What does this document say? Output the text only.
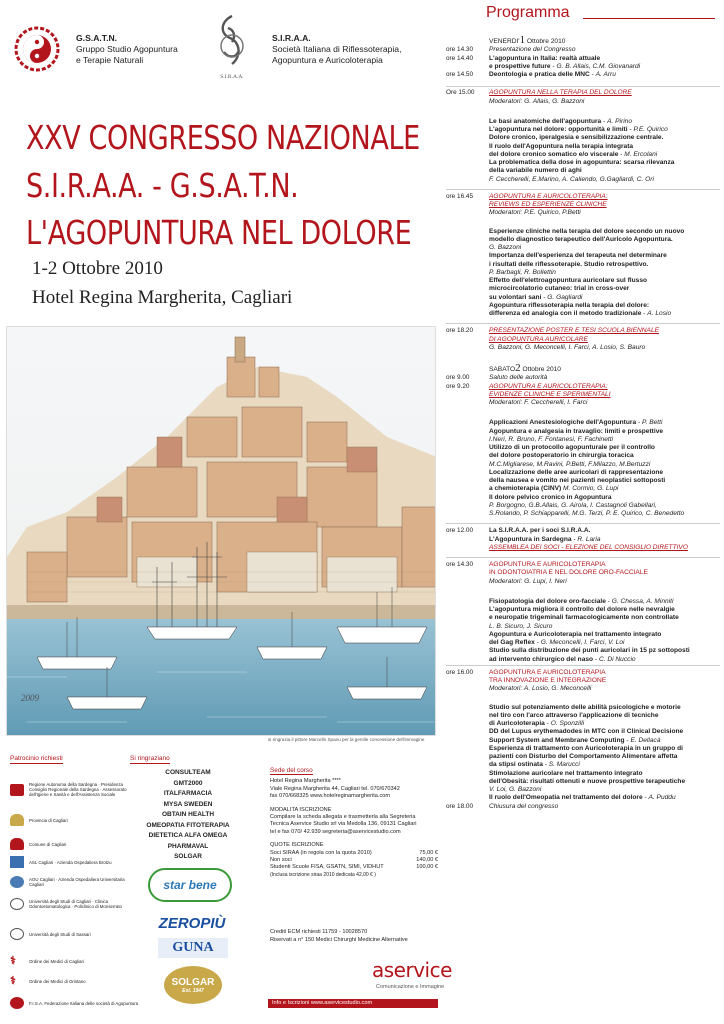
G.S.A.T.N.
Gruppo Studio Agopuntura
e Terapie Naturali
S.I.R.A.A.
S.I.R.A.A.
Società Italiana di Riflessoterapia,
Agopuntura e Auricoloterapia
XXV CONGRESSO NAZIONALE
S.I.R.A.A. - G.S.A.T.N.
L'AGOPUNTURA NEL DOLORE
1-2 Ottobre 2010
Hotel Regina Margherita, Cagliari
2009
si ringrazia il pittore Marcello Spanu per la gentile concessione dell'immagine
Patrocinio richiesti
Regione Autonoma della Sardegna · Presidenza Consiglio Regionale della Sardegna · Assessorato dell'Igiene e Sanità e dell'Assistenza Sociale
Provincia di Cagliari
Comune di Cagliari
ASL Cagliari · Azienda Ospedaliera Brotzu
AOU Cagliari · Azienda Ospedaliera Universitaria Cagliari
Università degli Studi di Cagliari · Clinica Odontostomatologica · Policlinico di Monserrato
Università degli Studi di Sassari
⚕	Ordine dei Medici di Cagliari
⚕	Ordine dei Medici di Oristano
F.I.S.A. Federazione Italiana delle società di Agopuntura
Si ringraziano
CONSULTEAM
GMT2000
ITALFARMACIA
MYSA SWEDEN
OBTAIN HEALTH
OMEOPATIA FITOTERAPIA
DIETETICA ALFA OMEGA
PHARMAVAL
SOLGAR
star bene
ZEROPIÙ
GUNA
SOLGAR
Est. 1947
Sede del corso
Hotel Regina Margherita ****
Viale Regina Margherita 44, Cagliari tel. 070/670342
fax 070/668325 www.hotelreginamargherita.com
MODALITA ISCRIZIONE
Compilare la scheda allegata e trasmetterla alla Segreteria
Tecnica Aservice Studio srl via Medolla 136, 09131 Cagliari
tel e fax 070/ 42.939 segreteria@aservicestudio.com
QUOTE ISCRIZIONE
Soci SIRAA (in regola con la quota 2010)	75,00 €
Non soci	140,00 €
Studenti Scuole FISA, GSATN, SIMI, VIDHUT	100,00 €
(Inclusa iscrizione sirаа 2010 dedicata 42,00 € )
Crediti ECM richiesti 11759 - 10028570
Riservati a n° 150 Medici Chirurghi Medicine Alternative
aservice
Comunicazione e Immagine
Info e Iscrizioni www.aservicestudio.com
Programma
VENERDI'1 Ottobre 2010
ore 14.30	Presentazione del Congresso
ore 14.40	L'agopuntura in Italia: realtà attuale
e prospettive future - G. B. Allais, C.M. Giovanardi
ore 14.50	Deontologia e pratica delle MNC - A. Arru
Ore 15.00	AGOPUNTURA NELLA TERAPIA DEL DOLORE
Moderatori: G. Allais, G. Bazzoni
Le basi anatomiche dell'agopuntura - A. Pirino
L'agopuntura nel dolore: opportunità e limiti - P.E. Quirico
Dolore cronico, iperalgesia e sensibilizzazione centrale.
Il ruolo dell'Agopuntura nella terapia integrata
del dolore cronico somatico e/o viscerale - M. Ercolani
La problematica della dose in agopuntura: scarsa rilevanza
della variabile numero di aghi
F. Ceccherelli, E.Marino, A. Caliendo, G.Gagliardi, C. Ori
ore 16.45	AGOPUNTURA E AURICOLOTERAPIA:
REVIEWS ED ESPERIENZE CLINICHE
Moderatori: P.E. Quirico, P.Betti
Esperienze cliniche nella terapia del dolore secondo un nuovo
modello diagnostico terapeutico dell'Auricolo Agopuntura.
G. Bazzoni
Importanza dell'esperienza del terapeuta nel determinare
i risultati delle riflessoterapie. Studio retrospettivo.
P. Barbagli, R. Bollettin
Effetto dell'elettroagopuntura auricolare sul flusso
microcircolatorio cutaneo: trial in cross-over
su volontari sani - G. Gagliardi
Agopuntura riflessoterapia nella terapia del dolore:
differenza ed analogia con il metodo tradizionale - A. Losio
ore 18.20	PRESENTAZIONE POSTER E TESI SCUOLA BIENNALE
DI AGOPUNTURA AURICOLARE
G. Bazzoni, G. Meconcelli, I. Farci, A. Losio, S. Bauro
SABATO2 Ottobre 2010
ore 9.00	Saluto delle autorità
ore 9.20	AGOPUNTURA E AURICOLOTERAPIA:
EVIDENZE CLINICHE E SPERIMENTALI
Moderatori: F. Ceccherelli, I. Farci
Applicazioni Anestesiologiche dell'Agopuntura - P. Betti
Agopuntura e analgesia in travaglio: limiti e prospettive
I.Neri, R. Bruno, F. Fontanesi, F. Fachinetti
Utilizzo di un protocollo agopunturale per il controllo
del dolore postoperatorio in chirurgia toracica
M.C.Migliarese, M.Ravini, P.Betti, F.Milazzo, M.Bertuzzi
Localizzazione delle aree auricolari di rappresentazione
della nausea e vomito nei pazienti neoplastici sottoposti
a chemioterapia (CINV) M. Cormio, G. Lupi
Il dolore pelvico cronico in Agopuntura
P. Borgogno, G.B.Allais, G. Airola, I. Castagnoli Gabellari,
S.Rolando, P. Schiapparelli, M.G. Terzi, P. E. Quirico, C. Benedetto
ore 12.00	La S.I.R.A.A. per i soci S.I.R.A.A.
L'Agopuntura in Sardegna - R. Laria
ASSEMBLEA DEI SOCI - ELEZIONE DEL CONSIGLIO DIRETTIVO
ore 14.30	AGOPUNTURA E AURICOLOTERAPIA
IN ODONTOIATRIA E NEL DOLORE ORO-FACCIALE
Moderatori: G. Lupi, I. Neri
Fisiopatologia del dolore oro-facciale - G. Chessa, A. Minniti
L'agopuntura migliora il controllo del dolore nelle nevralgie
e neuropatie trigeminali farmacologicamente non controllate
L. B. Sicuro, J. Sicuro
Agopuntura e Auricoloterapia nel trattamento integrato
del Gag Reflex - G. Meconcelli, I. Farci, V. Loi
Studio sulla distribuzione dei punti auricolari in 15 pz sottoposti
ad intervento chirurgico del naso - C. Di Nuccio
ore 16.00	AGOPUNTURA E AURICOLOTERAPIA
TRA INNOVAZIONE E INTEGRAZIONE
Moderatori: A. Losio, G. Meconcelli
Studio sul potenziamento delle abilità psicologiche e motorie
nel tiro con l'arco attraverso l'applicazione di tecniche
di Auricoloterapia - O. Sponzilli
DD del Lupus erythemadodes in MTC con il Clinical Decisione
Support System and Membrane Computing - E. Dellacà
Esperienza di trattamento con Auricoloterapia in un gruppo di
pazienti con Disturbo del Comportamento Alimentare affetta
da stipsi ostinata - S. Marucci
Stimolazione auricolare nel trattamento integrato
dell'Obesità: risultati ottenuti e nuove prospettive terapeutiche
V. Loi, G. Bazzoni
Il ruolo dell'Omeopatia nel trattamento del dolore - A. Puddu
ore 18.00	Chiusura del congresso
